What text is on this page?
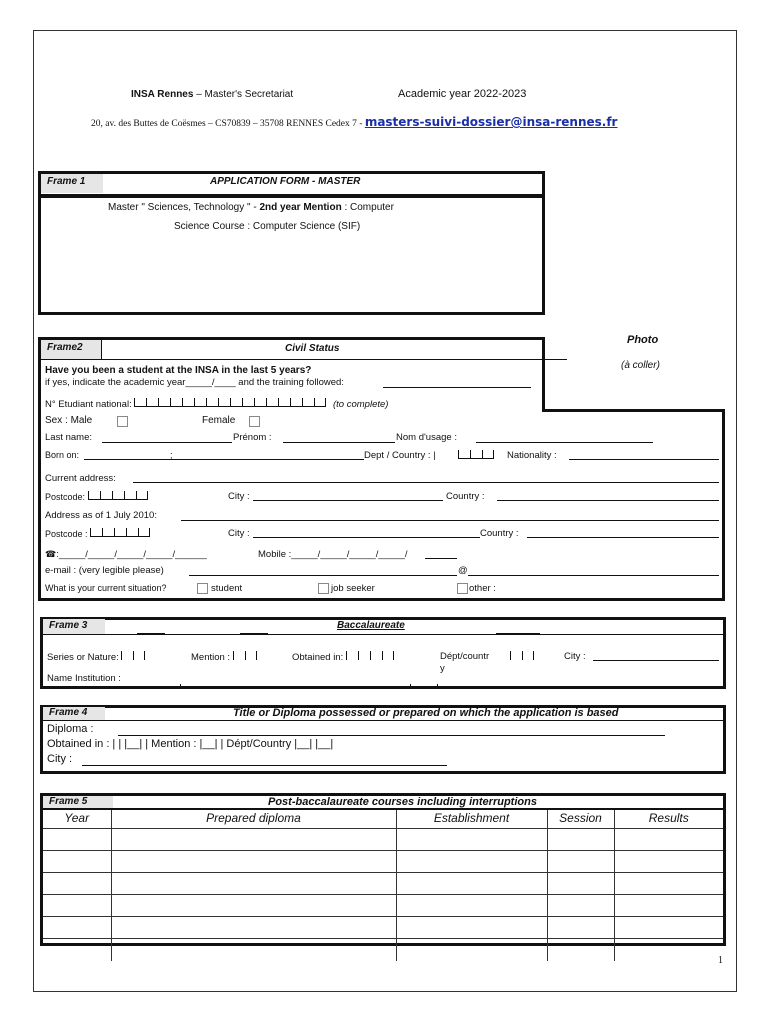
INSA Rennes – Master's Secretariat	Academic year 2022-2023
20, av. des Buttes de Coësmes – CS70839 – 35708 RENNES Cedex 7 - masters-suivi-dossier@insa-rennes.fr
Frame 1	APPLICATION FORM - MASTER
Master " Sciences, Technology " - 2nd year Mention : Computer
Science Course : Computer Science (SIF)
Photo
(à coller)
Frame2	Civil Status
Have you been a student at the INSA in the last 5 years?
if yes, indicate the academic year_____/____ and the training followed:
N° Etudiant national:	(to complete)
Sex : Male	Female
Last name:	Prénom :	Nom d'usage :
Born on:	;	Dept / Country : |	Nationality :
Current address:
Postcode:	City :	Country :
Address as of 1 July 2010:
Postcode :	City :	Country :
☎:_____/_____/_____/_____/______	Mobile :_____/_____/_____/_____/
e-mail : (very legible please)	@
What is your current situation?	student	job seeker	other :
Frame 3	Baccalaureate
Series or Nature:	Mention :	Obtained in:	Dépt/countr
y
City :
Name Institution :
Frame 4	Title or Diploma possessed or prepared on which the application is based
Diploma :
Obtained in : | | |__| | Mention : |__| | Dépt/Country |__| |__|
City :
Frame 5	Post-baccalaureate courses including interruptions
Year	Prepared diploma	Establishment	Session	Results

1
